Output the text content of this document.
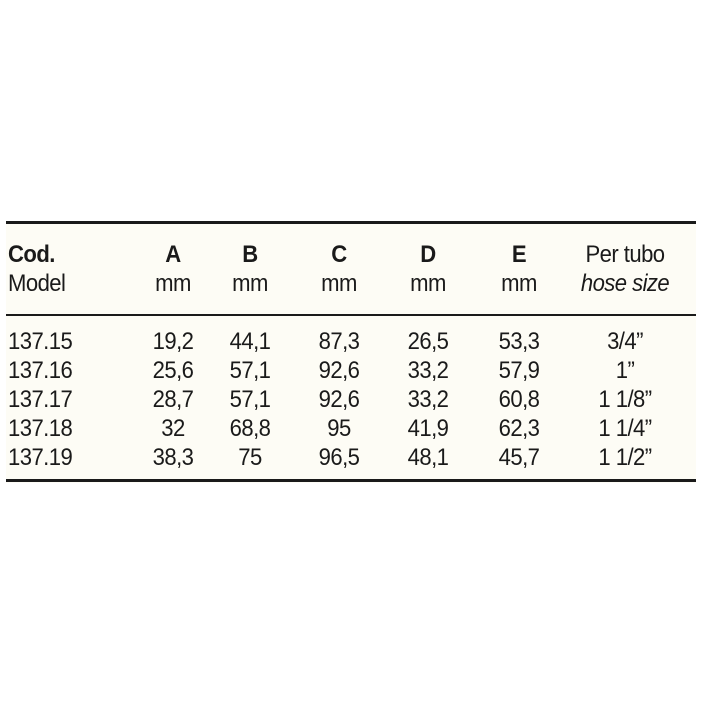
Cod.	A	B	C	D	E	Per tubo
Model	mm	mm	mm	mm	mm	hose size
137.15	19,2	44,1	87,3	26,5	53,3	3/4”
137.16	25,6	57,1	92,6	33,2	57,9	1”
137.17	28,7	57,1	92,6	33,2	60,8	1 1/8”
137.18	32	68,8	95	41,9	62,3	1 1/4”
137.19	38,3	75	96,5	48,1	45,7	1 1/2”
